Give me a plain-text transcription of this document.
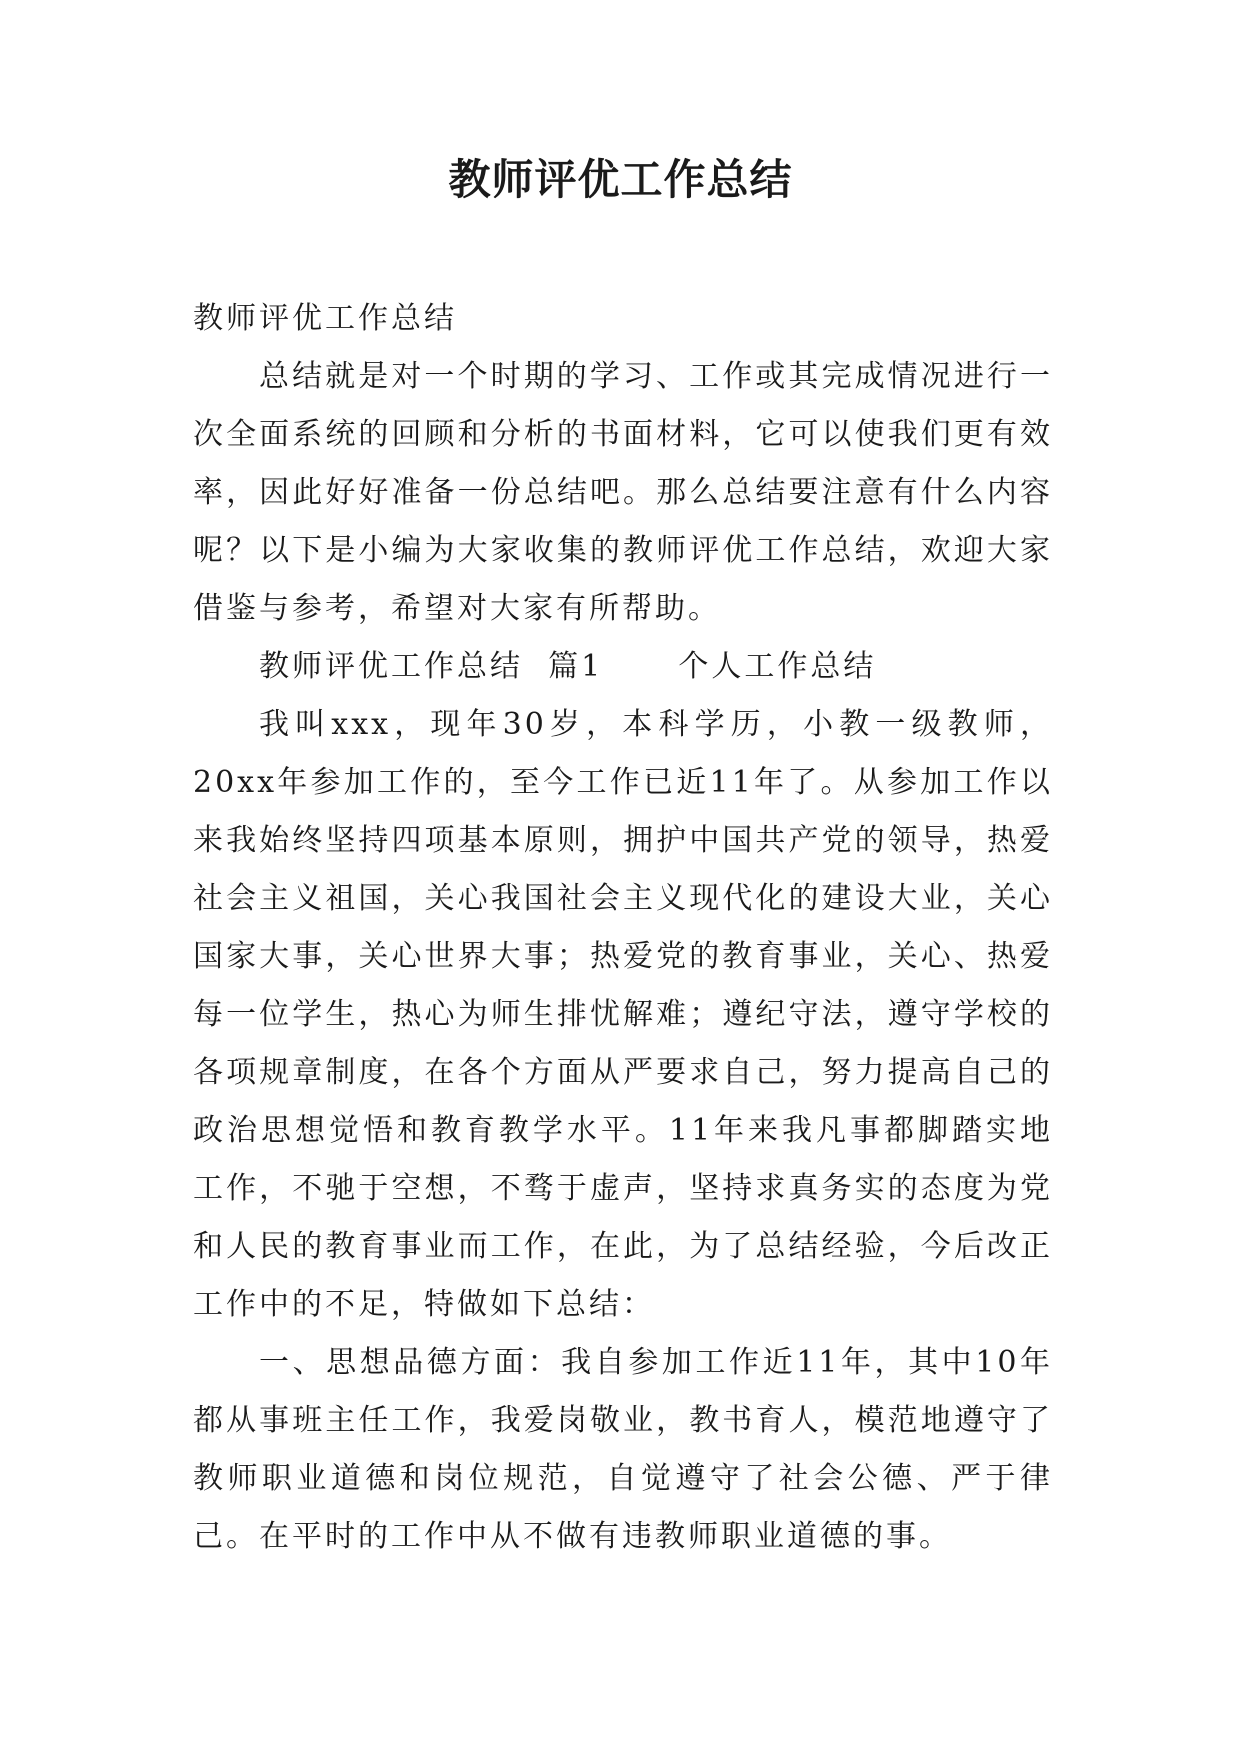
教师评优工作总结

教师评优工作总结

总结就是对一个时期的学习、工作或其完成情况进行一次全面系统的回顾和分析的书面材料，它可以使我们更有效率，因此好好准备一份总结吧。那么总结要注意有什么内容呢？以下是小编为大家收集的教师评优工作总结，欢迎大家借鉴与参考，希望对大家有所帮助。

教师评优工作总结  篇1      个人工作总结

我叫xxx，现年30岁，本科学历，小教一级教师，20xx年参加工作的，至今工作已近11年了。从参加工作以来我始终坚持四项基本原则，拥护中国共产党的领导，热爱社会主义祖国，关心我国社会主义现代化的建设大业，关心国家大事，关心世界大事；热爱党的教育事业，关心、热爱每一位学生，热心为师生排忧解难；遵纪守法，遵守学校的各项规章制度，在各个方面从严要求自己，努力提高自己的政治思想觉悟和教育教学水平。11年来我凡事都脚踏实地工作，不驰于空想，不骛于虚声，坚持求真务实的态度为党和人民的教育事业而工作，在此，为了总结经验，今后改正工作中的不足，特做如下总结：

一、思想品德方面：我自参加工作近11年，其中10年都从事班主任工作，我爱岗敬业，教书育人，模范地遵守了教师职业道德和岗位规范，自觉遵守了社会公德、严于律己。在平时的工作中从不做有违教师职业道德的事。
